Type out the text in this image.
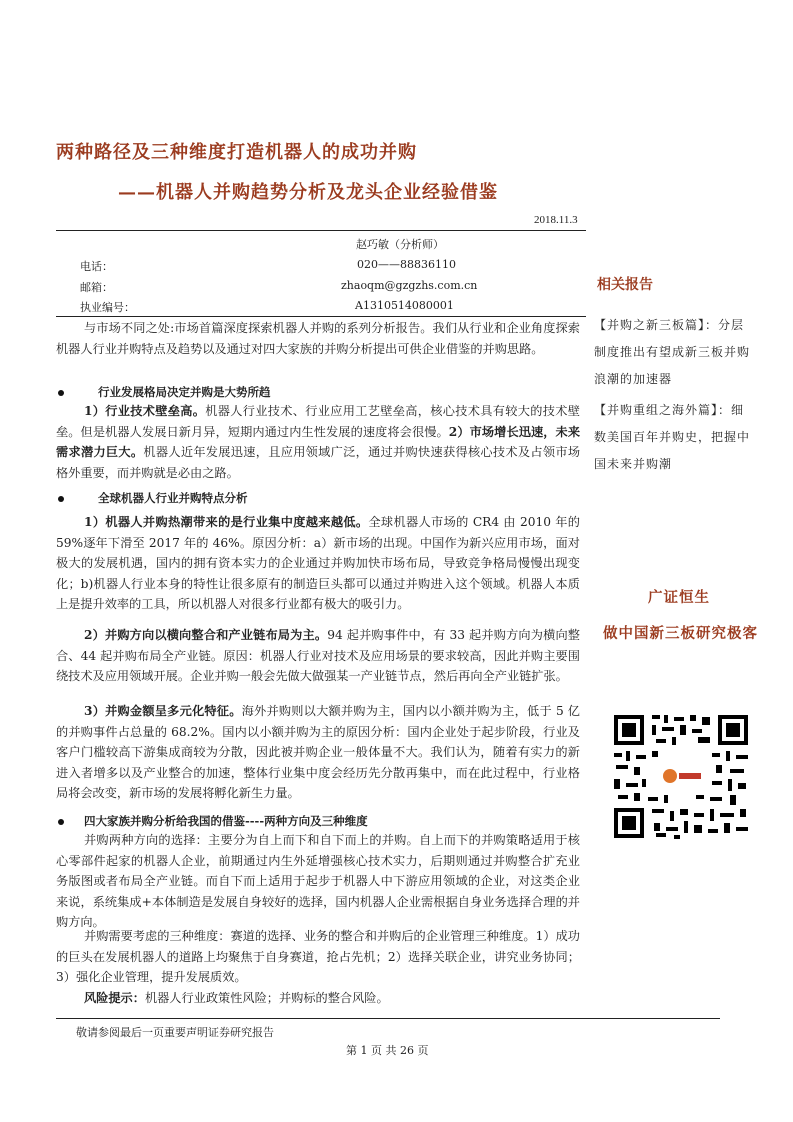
两种路径及三种维度打造机器人的成功并购
——机器人并购趋势分析及龙头企业经验借鉴
2018.11.3
赵巧敏（分析师）
电话：	020——88836110
邮箱：	zhaoqm@gzgzhs.com.cn
执业编号：	A1310514080001
与市场不同之处:市场首篇深度探索机器人并购的系列分析报告。我们从行业和企业角度探索机器人行业并购特点及趋势以及通过对四大家族的并购分析提出可供企业借鉴的并购思路。
行业发展格局决定并购是大势所趋
1）行业技术壁垒高。机器人行业技术、行业应用工艺壁垒高，核心技术具有较大的技术壁垒。但是机器人发展日新月异，短期内通过内生性发展的速度将会很慢。2）市场增长迅速，未来需求潜力巨大。机器人近年发展迅速，且应用领域广泛，通过并购快速获得核心技术及占领市场格外重要，而并购就是必由之路。
全球机器人行业并购特点分析
1）机器人并购热潮带来的是行业集中度越来越低。全球机器人市场的 CR4 由 2010 年的 59%逐年下滑至 2017 年的 46%。原因分析：a）新市场的出现。中国作为新兴应用市场，面对极大的发展机遇，国内的拥有资本实力的企业通过并购加快市场布局，导致竞争格局慢慢出现变化；b)机器人行业本身的特性让很多原有的制造巨头都可以通过并购进入这个领域。机器人本质上是提升效率的工具，所以机器人对很多行业都有极大的吸引力。
2）并购方向以横向整合和产业链布局为主。94 起并购事件中，有 33 起并购方向为横向整合、44 起并购布局全产业链。原因：机器人行业对技术及应用场景的要求较高，因此并购主要围绕技术及应用领域开展。企业并购一般会先做大做强某一产业链节点，然后再向全产业链扩张。
3）并购金额呈多元化特征。海外并购则以大额并购为主，国内以小额并购为主，低于 5 亿的并购事件占总量的 68.2%。国内以小额并购为主的原因分析：国内企业处于起步阶段，行业及客户门槛较高下游集成商较为分散，因此被并购企业一般体量不大。我们认为，随着有实力的新进入者增多以及产业整合的加速，整体行业集中度会经历先分散再集中，而在此过程中，行业格局将会改变，新市场的发展将孵化新生力量。
四大家族并购分析给我国的借鉴----两种方向及三种维度
并购两种方向的选择：主要分为自上而下和自下而上的并购。自上而下的并购策略适用于核心零部件起家的机器人企业，前期通过内生外延增强核心技术实力，后期则通过并购整合扩充业务版图或者布局全产业链。而自下而上适用于起步于机器人中下游应用领域的企业，对这类企业来说，系统集成+本体制造是发展自身较好的选择，国内机器人企业需根据自身业务选择合理的并购方向。
并购需要考虑的三种维度：赛道的选择、业务的整合和并购后的企业管理三种维度。1）成功的巨头在发展机器人的道路上均聚焦于自身赛道，抢占先机；2）选择关联企业，讲究业务协同；3）强化企业管理，提升发展质效。
风险提示：机器人行业政策性风险；并购标的整合风险。
相关报告
【并购之新三板篇】：分层制度推出有望成新三板并购浪潮的加速器
【并购重组之海外篇】：细数美国百年并购史，把握中国未来并购潮
广证恒生
做中国新三板研究极客
敬请参阅最后一页重要声明证券研究报告
第 1 页 共 26 页
